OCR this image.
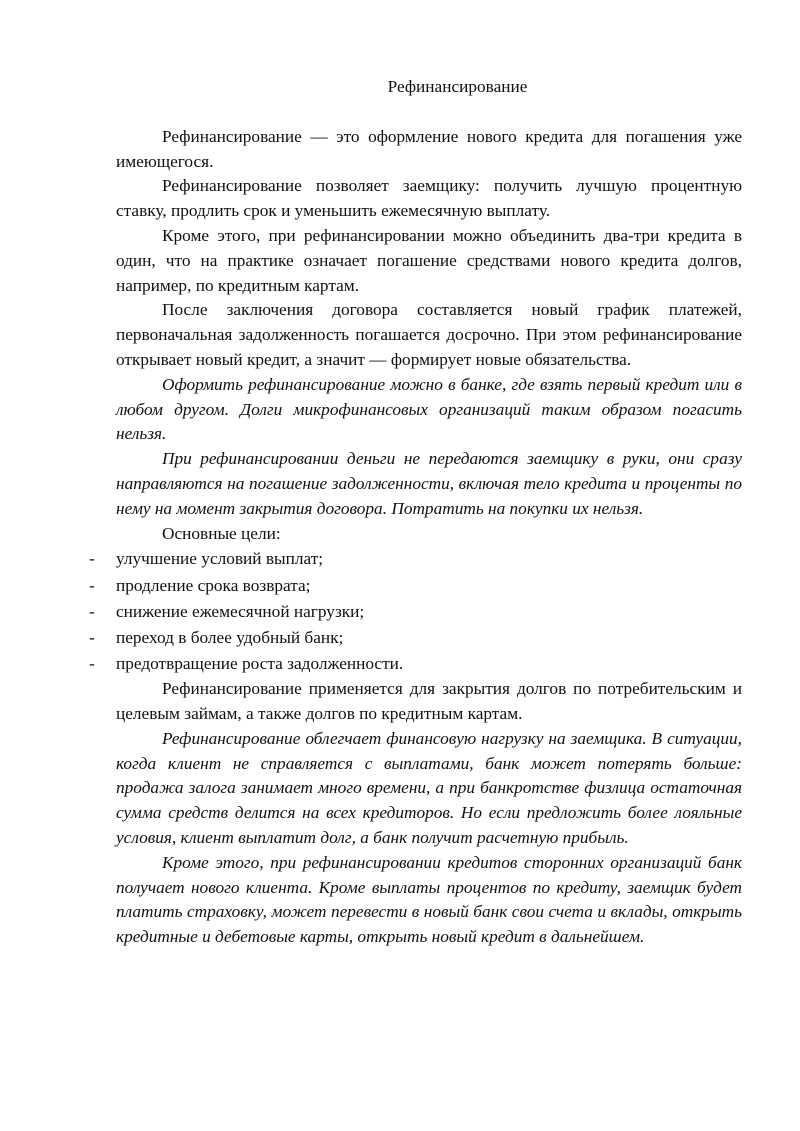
Рефинансирование

Рефинансирование — это оформление нового кредита для погашения уже имеющегося.

Рефинансирование позволяет заемщику: получить лучшую процентную ставку, продлить срок и уменьшить ежемесячную выплату.

Кроме этого, при рефинансировании можно объединить два-три кредита в один, что на практике означает погашение средствами нового кредита долгов, например, по кредитным картам.

После заключения договора составляется новый график платежей, первоначальная задолженность погашается досрочно. При этом рефинансирование открывает новый кредит, а значит — формирует новые обязательства.

Оформить рефинансирование можно в банке, где взять первый кредит или в любом другом. Долги микрофинансовых организаций таким образом погасить нельзя.

При рефинансировании деньги не передаются заемщику в руки, они сразу направляются на погашение задолженности, включая тело кредита и проценты по нему на момент закрытия договора. Потратить на покупки их нельзя.

Основные цели:

- улучшение условий выплат;
- продление срока возврата;
- снижение ежемесячной нагрузки;
- переход в более удобный банк;
- предотвращение роста задолженности.

Рефинансирование применяется для закрытия долгов по потребительским и целевым займам, а также долгов по кредитным картам.

Рефинансирование облегчает финансовую нагрузку на заемщика. В ситуации, когда клиент не справляется с выплатами, банк может потерять больше: продажа залога занимает много времени, а при банкротстве физлица остаточная сумма средств делится на всех кредиторов. Но если предложить более лояльные условия, клиент выплатит долг, а банк получит расчетную прибыль.

Кроме этого, при рефинансировании кредитов сторонних организаций банк получает нового клиента. Кроме выплаты процентов по кредиту, заемщик будет платить страховку, может перевести в новый банк свои счета и вклады, открыть кредитные и дебетовые карты, открыть новый кредит в дальнейшем.
